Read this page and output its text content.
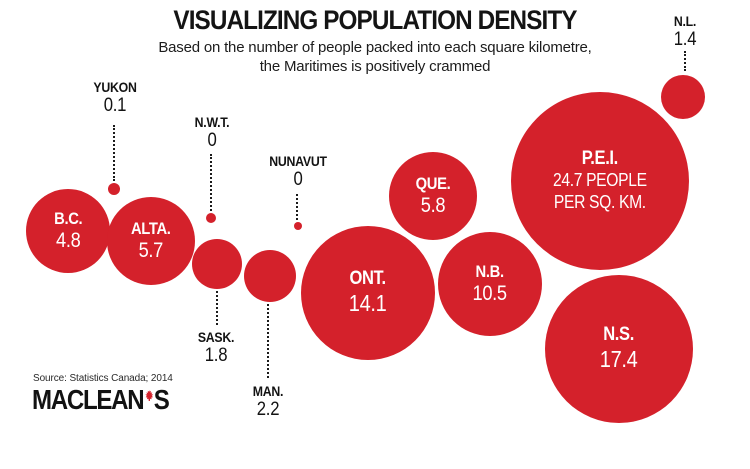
VISUALIZING POPULATION DENSITY
Based on the number of people packed into each square kilometre,
the Maritimes is positively crammed
B.C.
4.8
YUKON
0.1
ALTA.
5.7
N.W.T.
0
SASK.
1.8
MAN.
2.2
NUNAVUT
0
ONT.
14.1
QUE.
5.8
N.B.
10.5
P.E.I.
24.7 PEOPLE
PER SQ. KM.
N.L.
1.4
N.S.
17.4
Source: Statistics Canada; 2014
MACLEAN S
